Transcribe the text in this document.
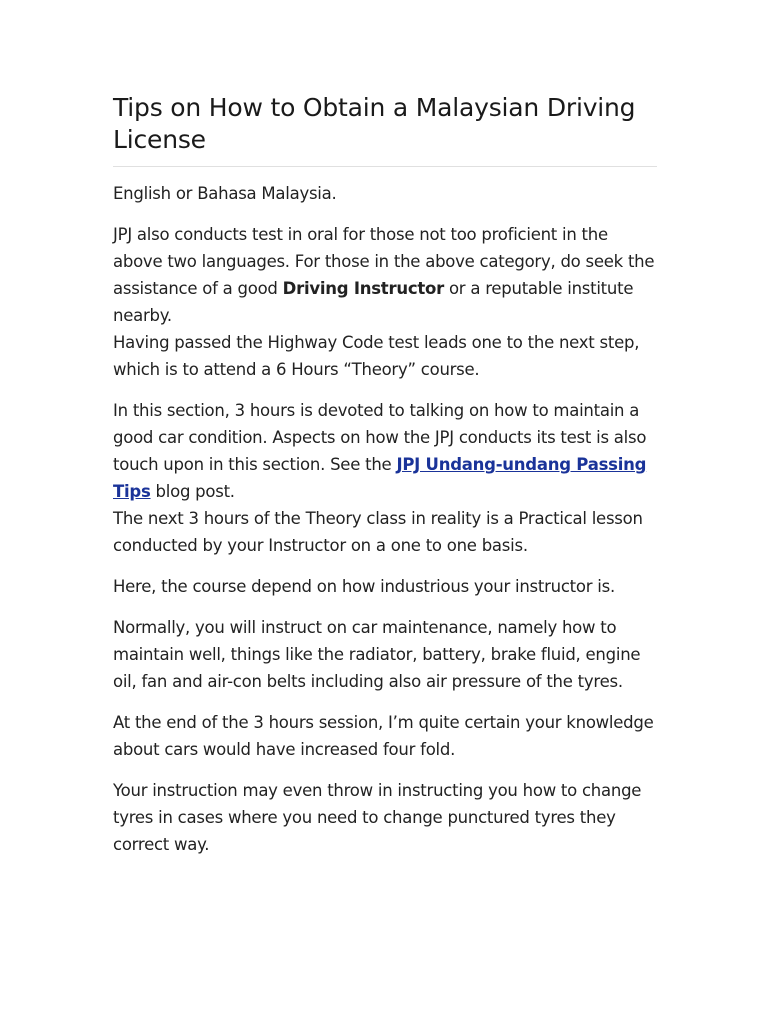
Tips on How to Obtain a Malaysian Driving License

English or Bahasa Malaysia.

JPJ also conducts test in oral for those not too proficient in the above two languages. For those in the above category, do seek the assistance of a good Driving Instructor or a reputable institute nearby.
Having passed the Highway Code test leads one to the next step, which is to attend a 6 Hours “Theory” course.

In this section, 3 hours is devoted to talking on how to maintain a good car condition. Aspects on how the JPJ conducts its test is also touch upon in this section. See the JPJ Undang-undang Passing Tips blog post.
The next 3 hours of the Theory class in reality is a Practical lesson conducted by your Instructor on a one to one basis.

Here, the course depend on how industrious your instructor is.

Normally, you will instruct on car maintenance, namely how to maintain well, things like the radiator, battery, brake fluid, engine oil, fan and air-con belts including also air pressure of the tyres.

At the end of the 3 hours session, I’m quite certain your knowledge about cars would have increased four fold.

Your instruction may even throw in instructing you how to change tyres in cases where you need to change punctured tyres they correct way.
